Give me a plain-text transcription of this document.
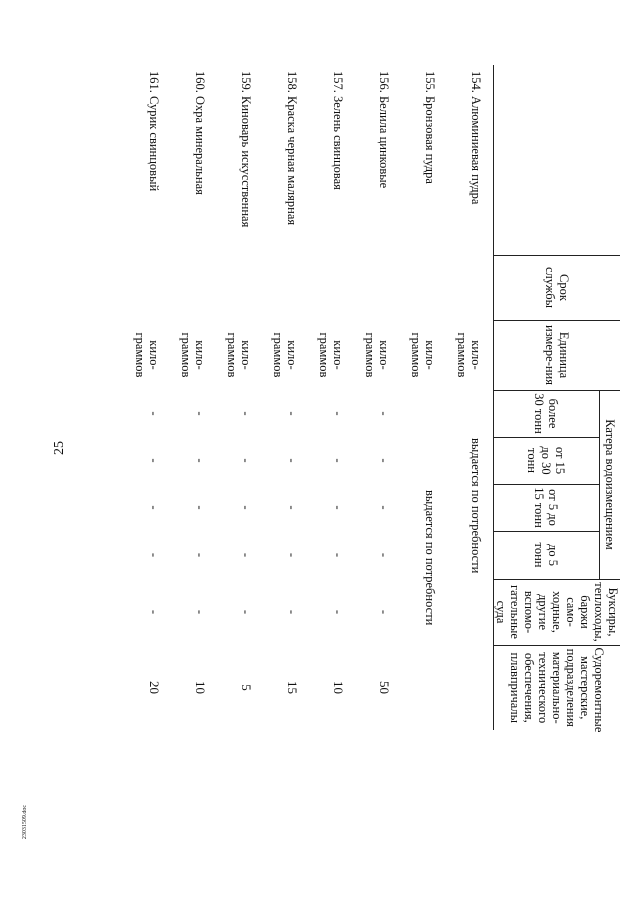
25
23031509.doc
	Срок службы	Единица измере-ния	Катера водоизмещением				Буксиры, теплоходы, баржи само-ходные, другие вспомо-гательные суда	Судоремонтные мастерские, подразделения материально-технического обеспечения, плавпричалы	
			более 30 тонн	от 15 до 30 тонн	от 5 до 15 тонн	до 5 тонн			
154. Алюминиевая пудра		кило-граммов	выдается по потребности						
155. Бронзовая пудра		кило-граммов	выдается по потребности						
156. Белила цинковые		кило-граммов	-	-	-	-	-	50	
157. Зелень свинцовая		кило-граммов	-	-	-	-	-	10	
158. Краска черная малярная		кило-граммов	-	-	-	-	-	15	
159. Киноварь искусственная		кило-граммов	-	-	-	-	-	5	
160. Охра минеральная		кило-граммов	-	-	-	-	-	10	
161. Сурик свинцовый		кило-граммов	-	-	-	-	-	20	
